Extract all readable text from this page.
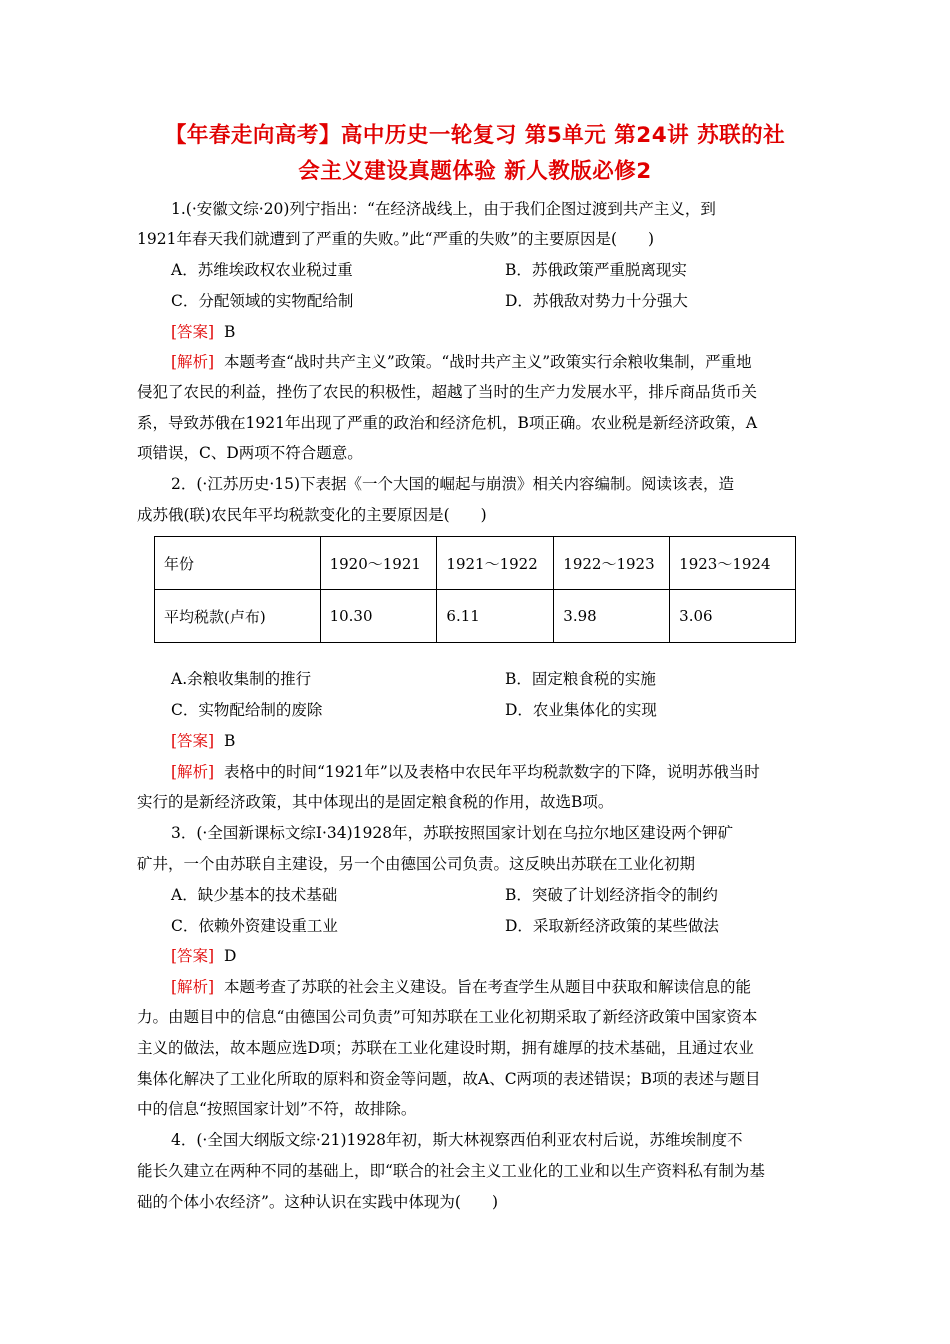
【年春走向高考】高中历史一轮复习 第5单元 第24讲 苏联的社
会主义建设真题体验 新人教版必修2
1.(·安徽文综·20)列宁指出：“在经济战线上，由于我们企图过渡到共产主义，到
1921年春天我们就遭到了严重的失败。”此“严重的失败”的主要原因是(　　)
A．苏维埃政权农业税过重	B．苏俄政策严重脱离现实
C．分配领域的实物配给制	D．苏俄敌对势力十分强大
[答案] B
[解析] 本题考查“战时共产主义”政策。“战时共产主义”政策实行余粮收集制，严重地
侵犯了农民的利益，挫伤了农民的积极性，超越了当时的生产力发展水平，排斥商品货币关
系，导致苏俄在1921年出现了严重的政治和经济危机，B项正确。农业税是新经济政策，A
项错误，C、D两项不符合题意。
2．(·江苏历史·15)下表据《一个大国的崛起与崩溃》相关内容编制。阅读该表，造
成苏俄(联)农民年平均税款变化的主要原因是(　　)
年份	1920～1921	1921～1922	1922～1923	1923～1924
平均税款(卢布)	10.30	6.11	3.98	3.06
A.余粮收集制的推行	B．固定粮食税的实施
C．实物配给制的废除	D．农业集体化的实现
[答案] B
[解析] 表格中的时间“1921年”以及表格中农民年平均税款数字的下降，说明苏俄当时
实行的是新经济政策，其中体现出的是固定粮食税的作用，故选B项。
3．(·全国新课标文综Ⅰ·34)1928年，苏联按照国家计划在乌拉尔地区建设两个钾矿
矿井，一个由苏联自主建设，另一个由德国公司负责。这反映出苏联在工业化初期
A．缺少基本的技术基础	B．突破了计划经济指令的制约
C．依赖外资建设重工业	D．采取新经济政策的某些做法
[答案] D
[解析] 本题考查了苏联的社会主义建设。旨在考查学生从题目中获取和解读信息的能
力。由题目中的信息“由德国公司负责”可知苏联在工业化初期采取了新经济政策中国家资本
主义的做法，故本题应选D项；苏联在工业化建设时期，拥有雄厚的技术基础，且通过农业
集体化解决了工业化所取的原料和资金等问题，故A、C两项的表述错误；B项的表述与题目
中的信息“按照国家计划”不符，故排除。
4．(·全国大纲版文综·21)1928年初，斯大林视察西伯利亚农村后说，苏维埃制度不
能长久建立在两种不同的基础上，即“联合的社会主义工业化的工业和以生产资料私有制为基
础的个体小农经济”。这种认识在实践中体现为(　　)
